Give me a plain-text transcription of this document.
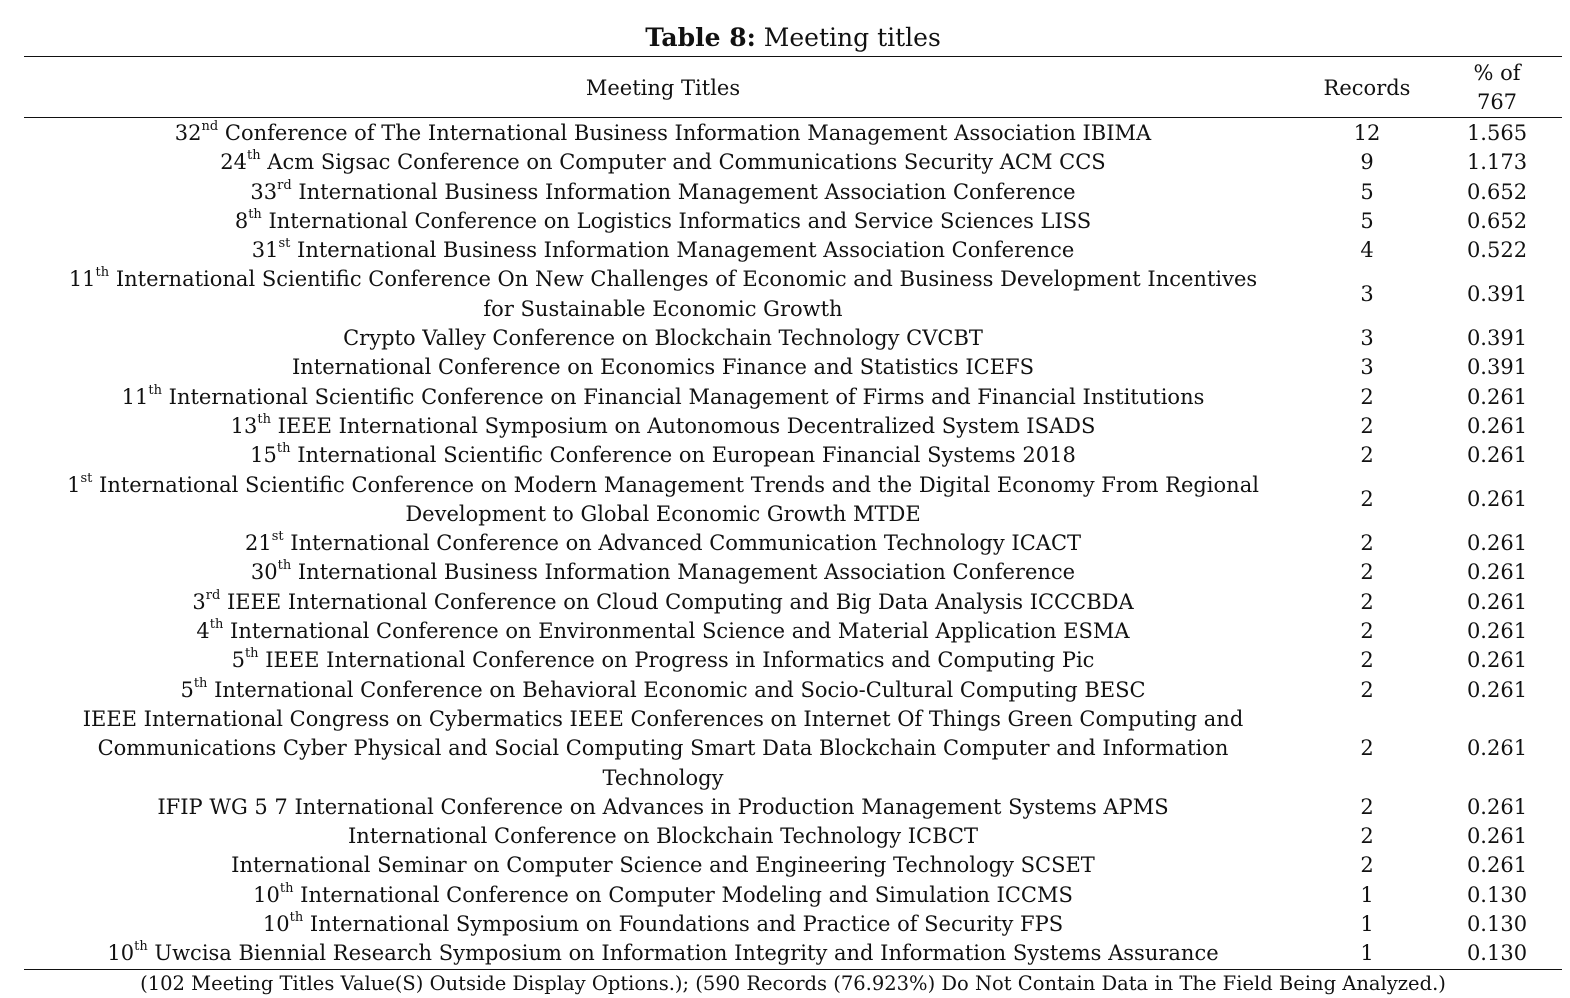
Table 8: Meeting titles
Meeting Titles	Records	% of 767
32nd Conference of The International Business Information Management Association IBIMA	12	1.565
24th Acm Sigsac Conference on Computer and Communications Security ACM CCS	9	1.173
33rd International Business Information Management Association Conference	5	0.652
8th International Conference on Logistics Informatics and Service Sciences LISS	5	0.652
31st International Business Information Management Association Conference	4	0.522
11th International Scientific Conference On New Challenges of Economic and Business Development Incentives for Sustainable Economic Growth	3	0.391
Crypto Valley Conference on Blockchain Technology CVCBT	3	0.391
International Conference on Economics Finance and Statistics ICEFS	3	0.391
11th International Scientific Conference on Financial Management of Firms and Financial Institutions	2	0.261
13th IEEE International Symposium on Autonomous Decentralized System ISADS	2	0.261
15th International Scientific Conference on European Financial Systems 2018	2	0.261
1st International Scientific Conference on Modern Management Trends and the Digital Economy From Regional Development to Global Economic Growth MTDE	2	0.261
21st International Conference on Advanced Communication Technology ICACT	2	0.261
30th International Business Information Management Association Conference	2	0.261
3rd IEEE International Conference on Cloud Computing and Big Data Analysis ICCCBDA	2	0.261
4th International Conference on Environmental Science and Material Application ESMA	2	0.261
5th IEEE International Conference on Progress in Informatics and Computing Pic	2	0.261
5th International Conference on Behavioral Economic and Socio-Cultural Computing BESC	2	0.261
IEEE International Congress on Cybermatics IEEE Conferences on Internet Of Things Green Computing and Communications Cyber Physical and Social Computing Smart Data Blockchain Computer and Information Technology	2	0.261
IFIP WG 5 7 International Conference on Advances in Production Management Systems APMS	2	0.261
International Conference on Blockchain Technology ICBCT	2	0.261
International Seminar on Computer Science and Engineering Technology SCSET	2	0.261
10th International Conference on Computer Modeling and Simulation ICCMS	1	0.130
10th International Symposium on Foundations and Practice of Security FPS	1	0.130
10th Uwcisa Biennial Research Symposium on Information Integrity and Information Systems Assurance	1	0.130
(102 Meeting Titles Value(S) Outside Display Options.); (590 Records (76.923%) Do Not Contain Data in The Field Being Analyzed.)
